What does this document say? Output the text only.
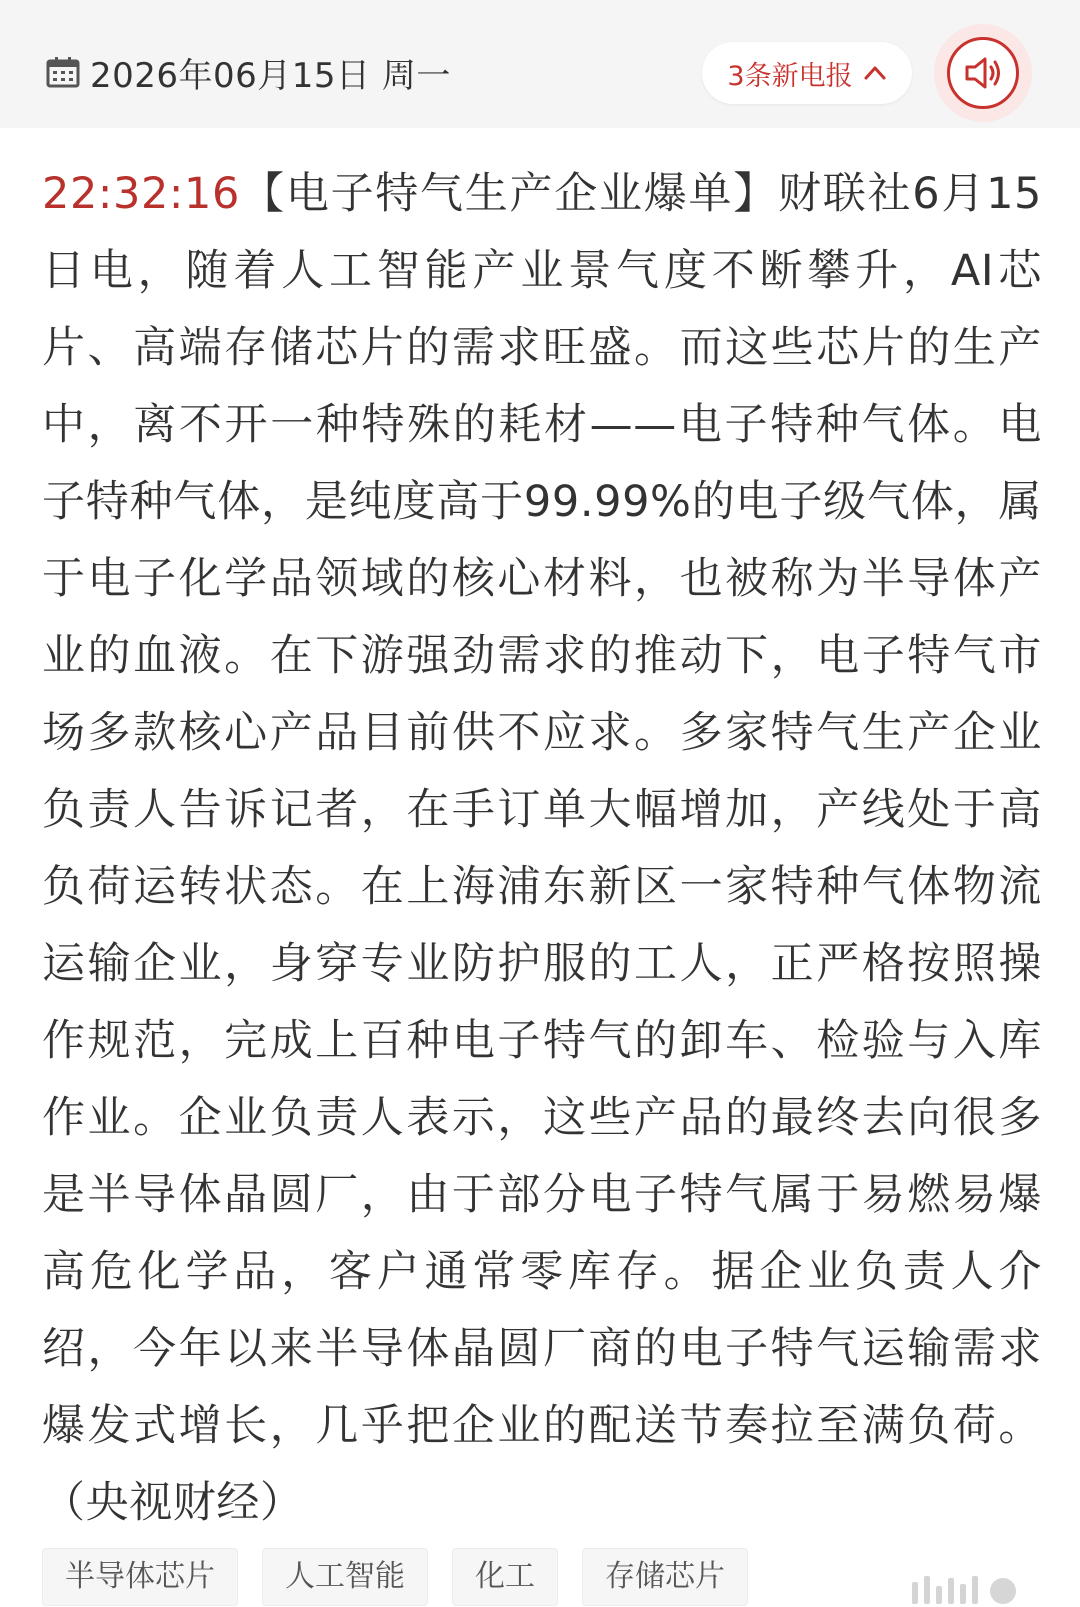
2026年06月15日 周一	3条新电报
22:32:16【电子特气生产企业爆单】财联社6月15日电，随着人工智能产业景气度不断攀升，AI芯片、高端存储芯片的需求旺盛。而这些芯片的生产中，离不开一种特殊的耗材——电子特种气体。电子特种气体，是纯度高于99.99%的电子级气体，属于电子化学品领域的核心材料，也被称为半导体产业的血液。在下游强劲需求的推动下，电子特气市场多款核心产品目前供不应求。多家特气生产企业负责人告诉记者，在手订单大幅增加，产线处于高负荷运转状态。在上海浦东新区一家特种气体物流运输企业，身穿专业防护服的工人，正严格按照操作规范，完成上百种电子特气的卸车、检验与入库作业。企业负责人表示，这些产品的最终去向很多是半导体晶圆厂，由于部分电子特气属于易燃易爆高危化学品，客户通常零库存。据企业负责人介绍，今年以来半导体晶圆厂商的电子特气运输需求爆发式增长，几乎把企业的配送节奏拉至满负荷。（央视财经）
半导体芯片	人工智能	化工	存储芯片
